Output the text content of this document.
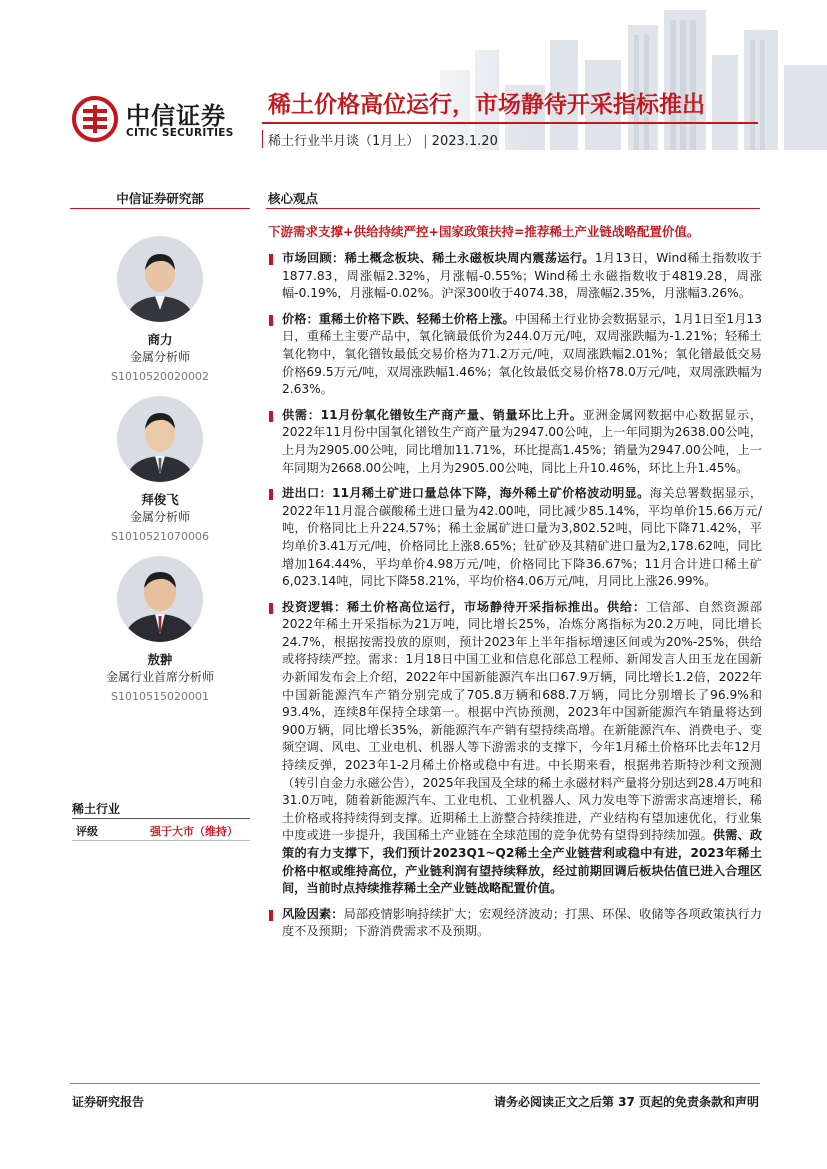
中信证券
CITIC SECURITIES
稀土价格高位运行，市场静待开采指标推出
稀土行业半月谈（1月上） | 2023.1.20
中信证券研究部	核心观点
下游需求支撑+供给持续严控+国家政策扶持=推荐稀土产业链战略配置价值。
商力
金属分析师
S1010520020002
拜俊飞
金属分析师
S1010521070006
敖翀
金属行业首席分析师
S1010515020001
稀土行业
评级	强于大市（维持）
市场回顾：稀土概念板块、稀土永磁板块周内震荡运行。1月13日，Wind稀土指数收于1877.83，周涨幅2.32%，月涨幅-0.55%；Wind稀土永磁指数收于4819.28，周涨幅-0.19%，月涨幅-0.02%。沪深300收于4074.38，周涨幅2.35%，月涨幅3.26%。
价格：重稀土价格下跌、轻稀土价格上涨。中国稀土行业协会数据显示，1月1日至1月13日，重稀土主要产品中，氧化镝最低价为244.0万元/吨，双周涨跌幅为-1.21%；轻稀土氧化物中，氧化镨钕最低交易价格为71.2万元/吨，双周涨跌幅2.01%；氧化镨最低交易价格69.5万元/吨，双周涨跌幅1.46%；氧化钕最低交易价格78.0万元/吨，双周涨跌幅为2.63%。
供需：11月份氧化镨钕生产商产量、销量环比上升。亚洲金属网数据中心数据显示，2022年11月份中国氧化镨钕生产商产量为2947.00公吨，上一年同期为2638.00公吨，上月为2905.00公吨，同比增加11.71%，环比提高1.45%；销量为2947.00公吨，上一年同期为2668.00公吨，上月为2905.00公吨，同比上升10.46%，环比上升1.45%。
进出口：11月稀土矿进口量总体下降，海外稀土矿价格波动明显。海关总署数据显示，2022年11月混合碳酸稀土进口量为42.00吨，同比减少85.14%，平均单价15.66万元/吨，价格同比上升224.57%；稀土金属矿进口量为3,802.52吨，同比下降71.42%，平均单价3.41万元/吨，价格同比上涨8.65%；钍矿砂及其精矿进口量为2,178.62吨，同比增加164.44%，平均单价4.98万元/吨，价格同比下降36.67%；11月合计进口稀土矿6,023.14吨，同比下降58.21%，平均价格4.06万元/吨，月同比上涨26.99%。
投资逻辑：稀土价格高位运行，市场静待开采指标推出。供给：工信部、自然资源部2022年稀土开采指标为21万吨，同比增长25%，冶炼分离指标为20.2万吨，同比增长24.7%，根据按需投放的原则，预计2023年上半年指标增速区间或为20%-25%，供给或将持续严控。需求：1月18日中国工业和信息化部总工程师、新闻发言人田玉龙在国新办新闻发布会上介绍，2022年中国新能源汽车出口67.9万辆，同比增长1.2倍，2022年中国新能源汽车产销分别完成了705.8万辆和688.7万辆，同比分别增长了96.9%和93.4%，连续8年保持全球第一。根据中汽协预测，2023年中国新能源汽车销量将达到900万辆，同比增长35%，新能源汽车产销有望持续高增。在新能源汽车、消费电子、变频空调、风电、工业电机、机器人等下游需求的支撑下，今年1月稀土价格环比去年12月持续反弹，2023年1-2月稀土价格或稳中有进。中长期来看，根据弗若斯特沙利文预测（转引自金力永磁公告），2025年我国及全球的稀土永磁材料产量将分别达到28.4万吨和31.0万吨，随着新能源汽车、工业电机、工业机器人、风力发电等下游需求高速增长，稀土价格或将持续得到支撑。近期稀土上游整合持续推进，产业结构有望加速优化，行业集中度或进一步提升，我国稀土产业链在全球范围的竞争优势有望得到持续加强。供需、政策的有力支撑下，我们预计2023Q1~Q2稀土全产业链营利或稳中有进，2023年稀土价格中枢或维持高位，产业链利润有望持续释放，经过前期回调后板块估值已进入合理区间，当前时点持续推荐稀土全产业链战略配置价值。
风险因素：局部疫情影响持续扩大；宏观经济波动；打黑、环保、收储等各项政策执行力度不及预期；下游消费需求不及预期。
证券研究报告	请务必阅读正文之后第 37 页起的免责条款和声明
